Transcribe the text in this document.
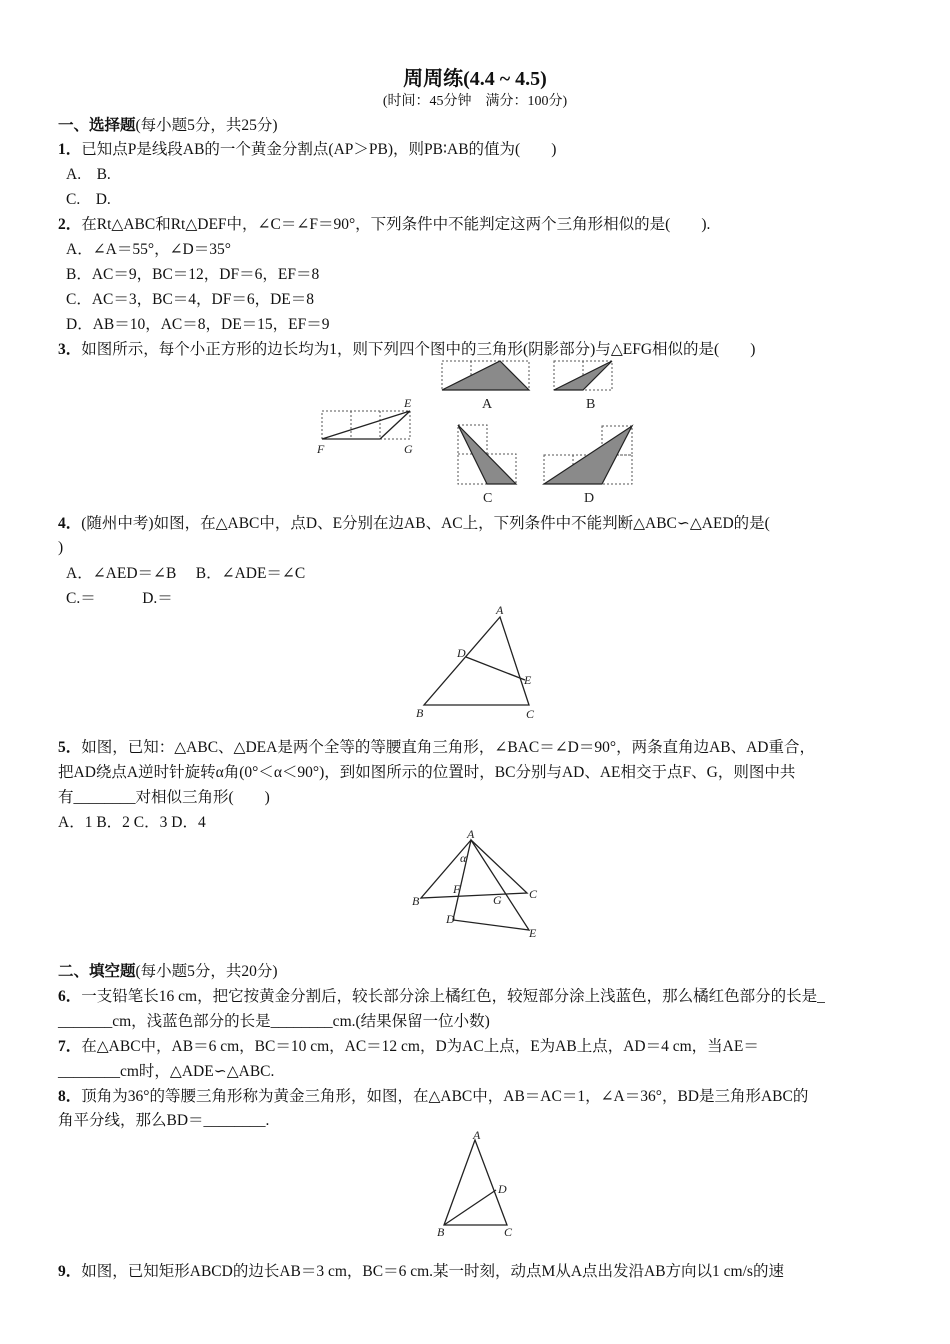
周周练(4.4 ~ 4.5)
(时间：45分钟　满分：100分)
一、选择题(每小题5分，共25分)
1．已知点P是线段AB的一个黄金分割点(AP＞PB)，则PB∶AB的值为(　　)
A.　B.
C.　D.
2．在Rt△ABC和Rt△DEF中，∠C＝∠F＝90°，下列条件中不能判定这两个三角形相似的是(　　).
A．∠A＝55°，∠D＝35°
B．AC＝9，BC＝12，DF＝6，EF＝8
C．AC＝3，BC＝4，DF＝6，DE＝8
D．AB＝10，AC＝8，DE＝15，EF＝9
3．如图所示，每个小正方形的边长均为1，则下列四个图中的三角形(阴影部分)与△EFG相似的是(　　)
E
F	G
A	B
C	D
4．(随州中考)如图，在△ABC中，点D、E分别在边AB、AC上，下列条件中不能判断△ABC∽△AED的是(
)
A．∠AED＝∠B　 B．∠ADE＝∠C
C.＝　　　D.＝
A
B	C
D
E
5．如图，已知：△ABC、△DEA是两个全等的等腰直角三角形，∠BAC＝∠D＝90°，两条直角边AB、AD重合，
把AD绕点A逆时针旋转α角(0°＜α＜90°)，到如图所示的位置时，BC分别与AD、AE相交于点F、G，则图中共
有________对相似三角形(　　)
A．1 B．2 C．3 D．4
A
α
B	C
D
E
F
G
二、填空题(每小题5分，共20分)
6．一支铅笔长16 cm，把它按黄金分割后，较长部分涂上橘红色，较短部分涂上浅蓝色，那么橘红色部分的长是_
_______cm，浅蓝色部分的长是________cm.(结果保留一位小数)
7．在△ABC中，AB＝6 cm，BC＝10 cm，AC＝12 cm，D为AC上点，E为AB上点，AD＝4 cm，当AE＝
________cm时，△ADE∽△ABC.
8．顶角为36°的等腰三角形称为黄金三角形，如图，在△ABC中，AB＝AC＝1，∠A＝36°，BD是三角形ABC的
角平分线，那么BD＝________.
A
B	C
D
9．如图，已知矩形ABCD的边长AB＝3 cm，BC＝6 cm.某一时刻，动点M从A点出发沿AB方向以1 cm/s的速
